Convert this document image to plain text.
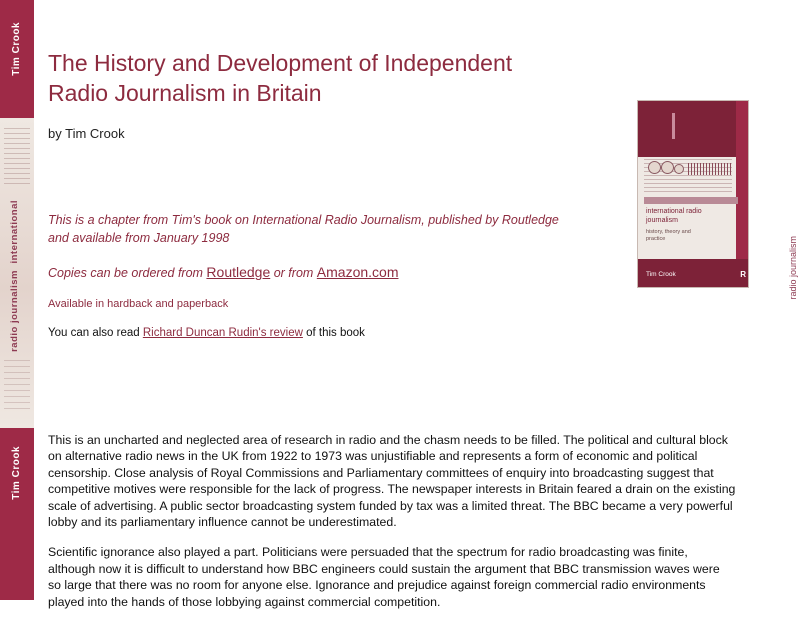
Tim Crook
international
radio journalism
Tim Crook
radio journalism
The History and Development of Independent Radio Journalism in Britain
by Tim Crook
This is a chapter from Tim's book on International Radio Journalism, published by Routledge and available from January 1998
Copies can be ordered from Routledge or from Amazon.com
Available in hardback and paperback
You can also read Richard Duncan Rudin's review of this book

This is an uncharted and neglected area of research in radio and the chasm needs to be filled. The political and cultural block on alternative radio news in the UK from 1922 to 1973 was unjustifiable and represents a form of economic and political censorship. Close analysis of Royal Commissions and Parliamentary committees of enquiry into broadcasting suggest that competitive motives were responsible for the lack of progress. The newspaper interests in Britain feared a drain on the existing scale of advertising. A public sector broadcasting system funded by tax was a limited threat. The BBC became a very powerful lobby and its parliamentary influence cannot be underestimated.

Scientific ignorance also played a part. Politicians were persuaded that the spectrum for radio broadcasting was finite, although now it is difficult to understand how BBC engineers could sustain the argument that BBC transmission waves were so large that there was no room for anyone else. Ignorance and prejudice against foreign commercial radio environments played into the hands of those lobbying against commercial competition.

international radio journalism
history, theory and practice
Tim Crook	R
